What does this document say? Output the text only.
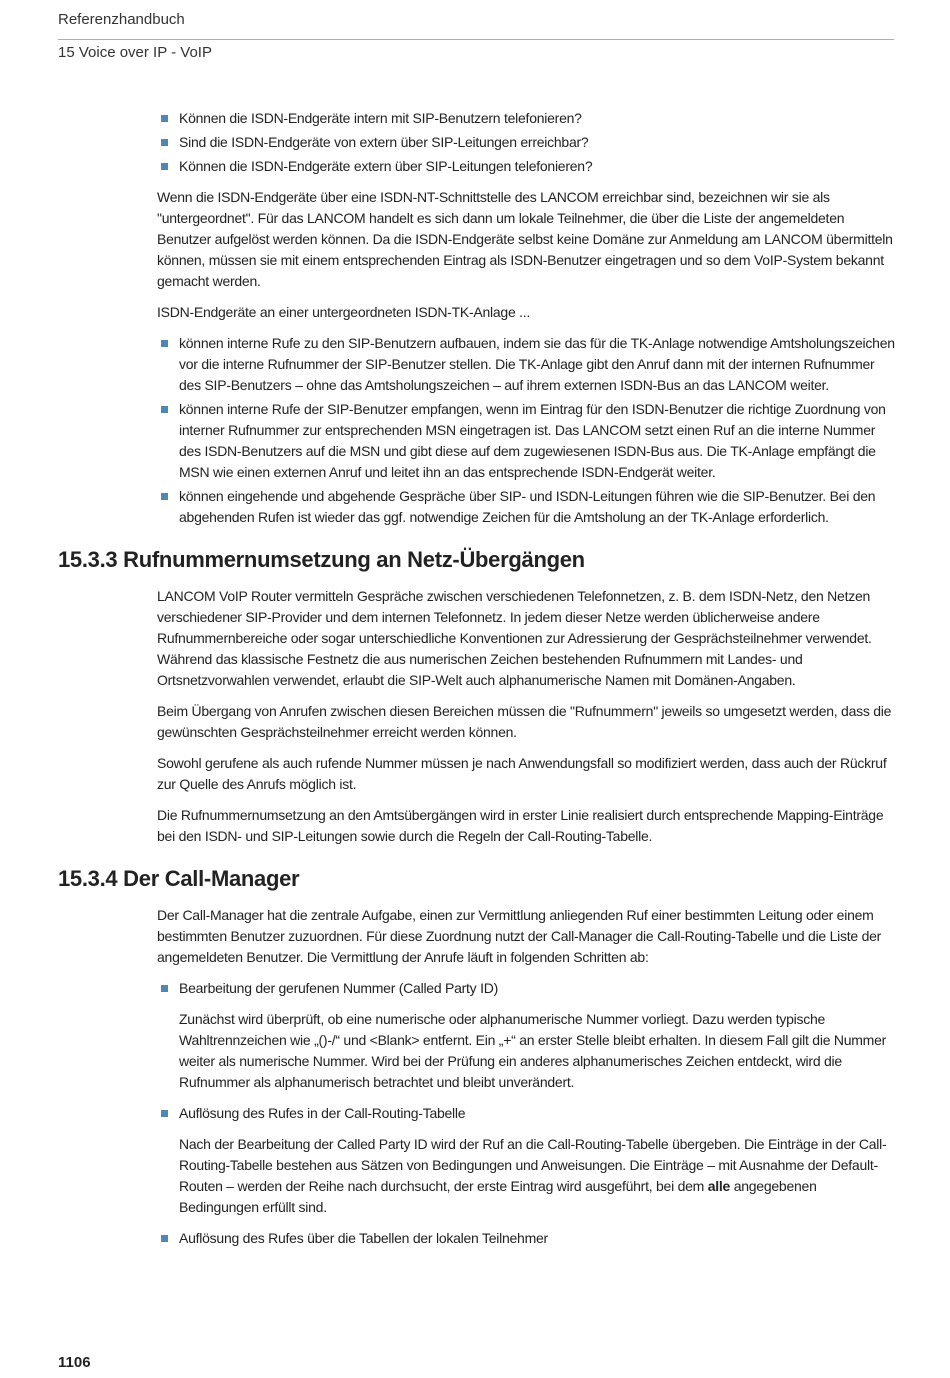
Referenzhandbuch
15 Voice over IP - VoIP
Können die ISDN-Endgeräte intern mit SIP-Benutzern telefonieren?
Sind die ISDN-Endgeräte von extern über SIP-Leitungen erreichbar?
Können die ISDN-Endgeräte extern über SIP-Leitungen telefonieren?

Wenn die ISDN-Endgeräte über eine ISDN-NT-Schnittstelle des LANCOM erreichbar sind, bezeichnen wir sie als "untergeordnet". Für das LANCOM handelt es sich dann um lokale Teilnehmer, die über die Liste der angemeldeten Benutzer aufgelöst werden können. Da die ISDN-Endgeräte selbst keine Domäne zur Anmeldung am LANCOM übermitteln können, müssen sie mit einem entsprechenden Eintrag als ISDN-Benutzer eingetragen und so dem VoIP-System bekannt gemacht werden.

ISDN-Endgeräte an einer untergeordneten ISDN-TK-Anlage ...

können interne Rufe zu den SIP-Benutzern aufbauen, indem sie das für die TK-Anlage notwendige Amtsholungszeichen vor die interne Rufnummer der SIP-Benutzer stellen. Die TK-Anlage gibt den Anruf dann mit der internen Rufnummer des SIP-Benutzers – ohne das Amtsholungszeichen – auf ihrem externen ISDN-Bus an das LANCOM weiter.
können interne Rufe der SIP-Benutzer empfangen, wenn im Eintrag für den ISDN-Benutzer die richtige Zuordnung von interner Rufnummer zur entsprechenden MSN eingetragen ist. Das LANCOM setzt einen Ruf an die interne Nummer des ISDN-Benutzers auf die MSN und gibt diese auf dem zugewiesenen ISDN-Bus aus. Die TK-Anlage empfängt die MSN wie einen externen Anruf und leitet ihn an das entsprechende ISDN-Endgerät weiter.
können eingehende und abgehende Gespräche über SIP- und ISDN-Leitungen führen wie die SIP-Benutzer. Bei den abgehenden Rufen ist wieder das ggf. notwendige Zeichen für die Amtsholung an der TK-Anlage erforderlich.
15.3.3 Rufnummernumsetzung an Netz-Übergängen

LANCOM VoIP Router vermitteln Gespräche zwischen verschiedenen Telefonnetzen, z. B. dem ISDN-Netz, den Netzen verschiedener SIP-Provider und dem internen Telefonnetz. In jedem dieser Netze werden üblicherweise andere Rufnummernbereiche oder sogar unterschiedliche Konventionen zur Adressierung der Gesprächsteilnehmer verwendet. Während das klassische Festnetz die aus numerischen Zeichen bestehenden Rufnummern mit Landes- und Ortsnetzvorwahlen verwendet, erlaubt die SIP-Welt auch alphanumerische Namen mit Domänen-Angaben.

Beim Übergang von Anrufen zwischen diesen Bereichen müssen die "Rufnummern" jeweils so umgesetzt werden, dass die gewünschten Gesprächsteilnehmer erreicht werden können.

Sowohl gerufene als auch rufende Nummer müssen je nach Anwendungsfall so modifiziert werden, dass auch der Rückruf zur Quelle des Anrufs möglich ist.

Die Rufnummernumsetzung an den Amtsübergängen wird in erster Linie realisiert durch entsprechende Mapping-Einträge bei den ISDN- und SIP-Leitungen sowie durch die Regeln der Call-Routing-Tabelle.

15.3.4 Der Call-Manager

Der Call-Manager hat die zentrale Aufgabe, einen zur Vermittlung anliegenden Ruf einer bestimmten Leitung oder einem bestimmten Benutzer zuzuordnen. Für diese Zuordnung nutzt der Call-Manager die Call-Routing-Tabelle und die Liste der angemeldeten Benutzer. Die Vermittlung der Anrufe läuft in folgenden Schritten ab:

Bearbeitung der gerufenen Nummer (Called Party ID)

Zunächst wird überprüft, ob eine numerische oder alphanumerische Nummer vorliegt. Dazu werden typische Wahltrennzeichen wie „()-/“ und <Blank> entfernt. Ein „+“ an erster Stelle bleibt erhalten. In diesem Fall gilt die Nummer weiter als numerische Nummer. Wird bei der Prüfung ein anderes alphanumerisches Zeichen entdeckt, wird die Rufnummer als alphanumerisch betrachtet und bleibt unverändert.

Auflösung des Rufes in der Call-Routing-Tabelle

Nach der Bearbeitung der Called Party ID wird der Ruf an die Call-Routing-Tabelle übergeben. Die Einträge in der Call-Routing-Tabelle bestehen aus Sätzen von Bedingungen und Anweisungen. Die Einträge – mit Ausnahme der Default-Routen – werden der Reihe nach durchsucht, der erste Eintrag wird ausgeführt, bei dem alle angegebenen Bedingungen erfüllt sind.

Auflösung des Rufes über die Tabellen der lokalen Teilnehmer
1106
